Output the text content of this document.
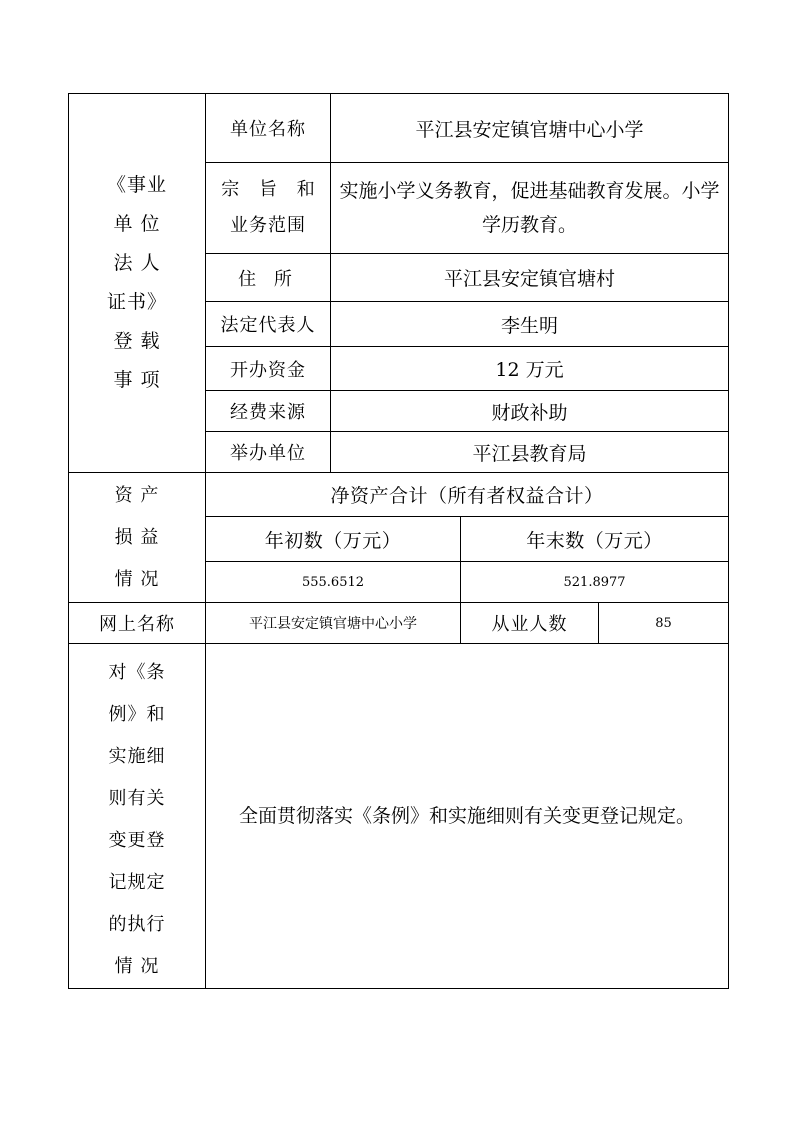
《事业
单 位
法 人
证书》
登 载
事 项
	单位名称	平江县安定镇官塘中心小学

	宗 旨 和
业务范围	实施小学义务教育，促进基础教育发展。小学学历教育。		
	住 所	平江县安定镇官塘村		
	法定代表人	李生明		
	开办资金	12 万元		
	经费来源	财政补助		
	举办单位	平江县教育局		

资 产
损 益
情 况	净资产合计（所有者权益合计）			
	年初数（万元）		年末数（万元）	
	555.6512		521.8977	
网上名称	平江县安定镇官塘中心小学		从业人数	85

对《条
例》和
实施细
则有关
变更登
记规定
的执行
情 况
	全面贯彻落实《条例》和实施细则有关变更登记规定。
